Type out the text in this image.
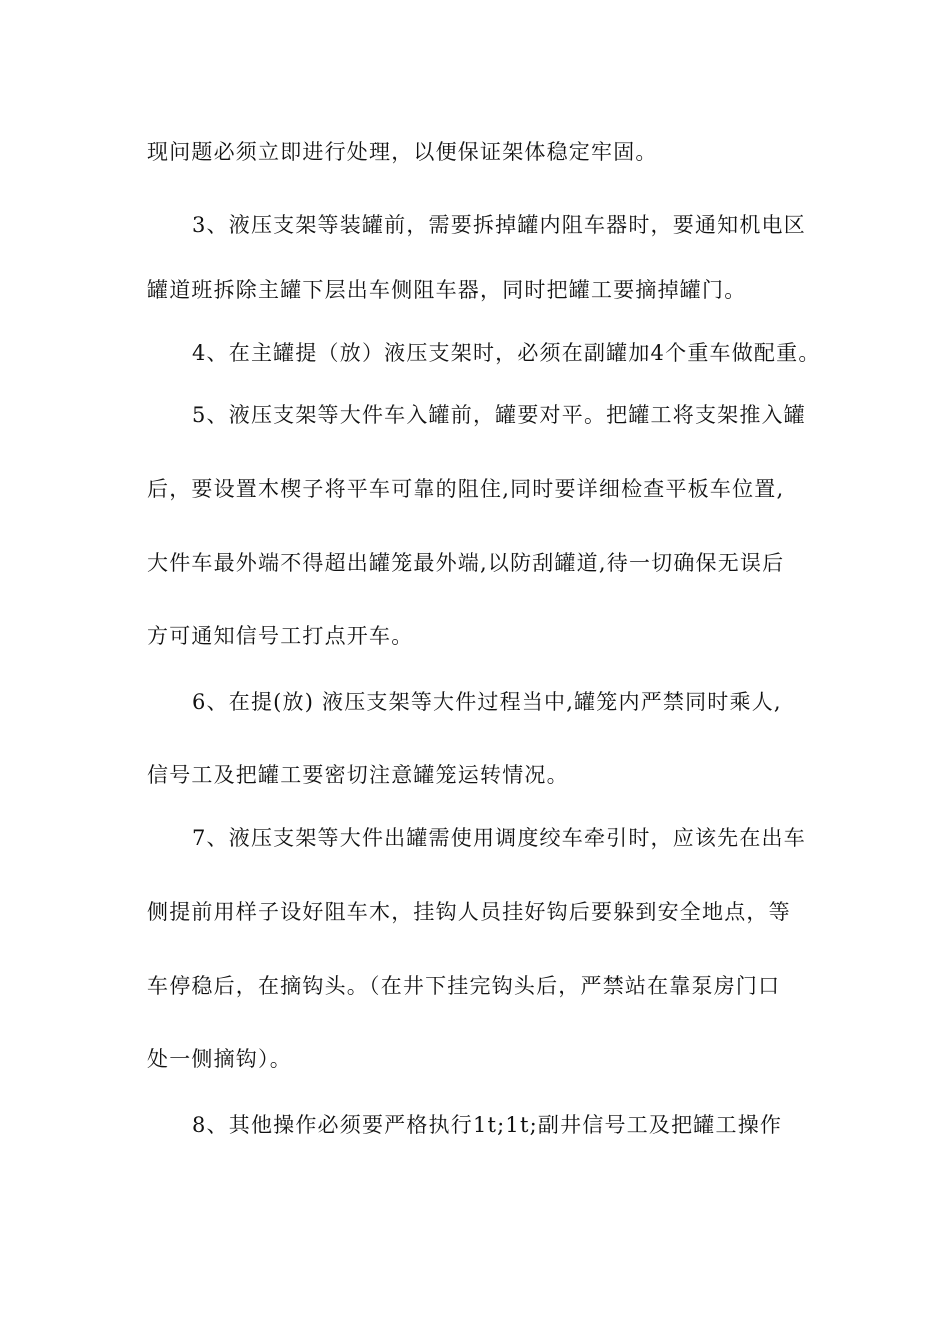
现问题必须立即进行处理，以便保证架体稳定牢固。
3、液压支架等装罐前，需要拆掉罐内阻车器时，要通知机电区
罐道班拆除主罐下层出车侧阻车器，同时把罐工要摘掉罐门。
4、在主罐提（放）液压支架时，必须在副罐加4个重车做配重。
5、液压支架等大件车入罐前，罐要对平。把罐工将支架推入罐
后，要设置木楔子将平车可靠的阻住,同时要详细检查平板车位置,
大件车最外端不得超出罐笼最外端,以防刮罐道,待一切确保无误后
方可通知信号工打点开车。
6、在提(放) 液压支架等大件过程当中,罐笼内严禁同时乘人,
信号工及把罐工要密切注意罐笼运转情况。
7、液压支架等大件出罐需使用调度绞车牵引时，应该先在出车
侧提前用样子设好阻车木，挂钩人员挂好钩后要躲到安全地点，等
车停稳后，在摘钩头。（在井下挂完钩头后，严禁站在靠泵房门口
处一侧摘钩）。
8、其他操作必须要严格执行1t;1t;副井信号工及把罐工操作
